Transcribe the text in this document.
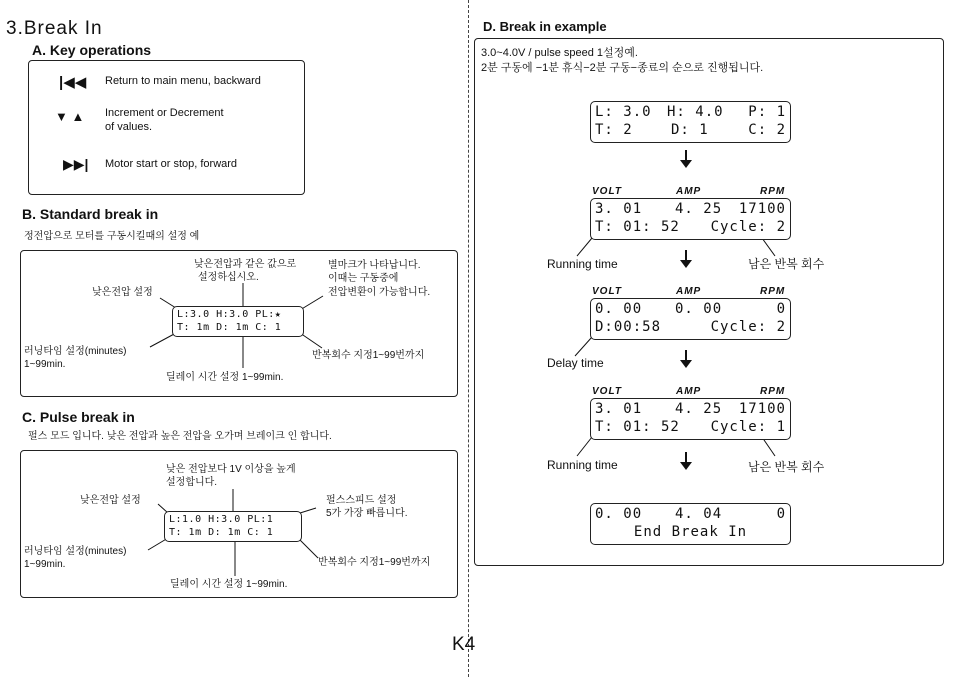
3.Break In
A. Key operations
|◀◀ Return to main menu, backward
▼ ▲ Increment or Decrement
of values.
▶▶| Motor start or stop, forward
B. Standard break in
정전압으로 모터를 구동시킬때의 설정 예
L:3.0 H:3.0 PL:★
T: 1m D: 1m C: 1
낮은전압 설정
낮은전압과 같은 값으로
설정하십시오.
별마크가 나타납니다.
이때는 구동중에
전압변환이 가능합니다.
러닝타임 설정(minutes)
1~99min.
반복회수 지정1~99번까지
딜레이 시간 설정 1~99min.
C. Pulse break in
펄스 모드 입니다. 낮은 전압과 높은 전압을 오가며 브레이크 인 합니다.
L:1.0 H:3.0 PL:1
T: 1m D: 1m C: 1
낮은전압 설정
낮은 전압보다 1V 이상을 높게
설정합니다.
펄스스피드 설정
5가 가장 빠릅니다.
러닝타임 설정(minutes)
1~99min.	반복회수 지정1~99번까지
딜레이 시간 설정 1~99min.
D. Break in example
3.0~4.0V / pulse speed 1설정예.
2분 구동에 −1분 휴식−2분 구동−종료의 순으로 진행됩니다.
L: 3.0 H: 4.0 P: 1
T: 2	D: 1	C: 2
VOLT	AMP	RPM
3. 01 4. 25 17100
T: 01: 52 Cycle: 2
Running time	남은 반복 회수
VOLT	AMP	RPM
0. 00 0. 00	0
D:00:58	Cycle: 2
Delay time
VOLT	AMP	RPM
3. 01 4. 25 17100
T: 01: 52 Cycle: 1
Running time	남은 반복 회수
0. 00 4. 04	0
End Break In
K4
